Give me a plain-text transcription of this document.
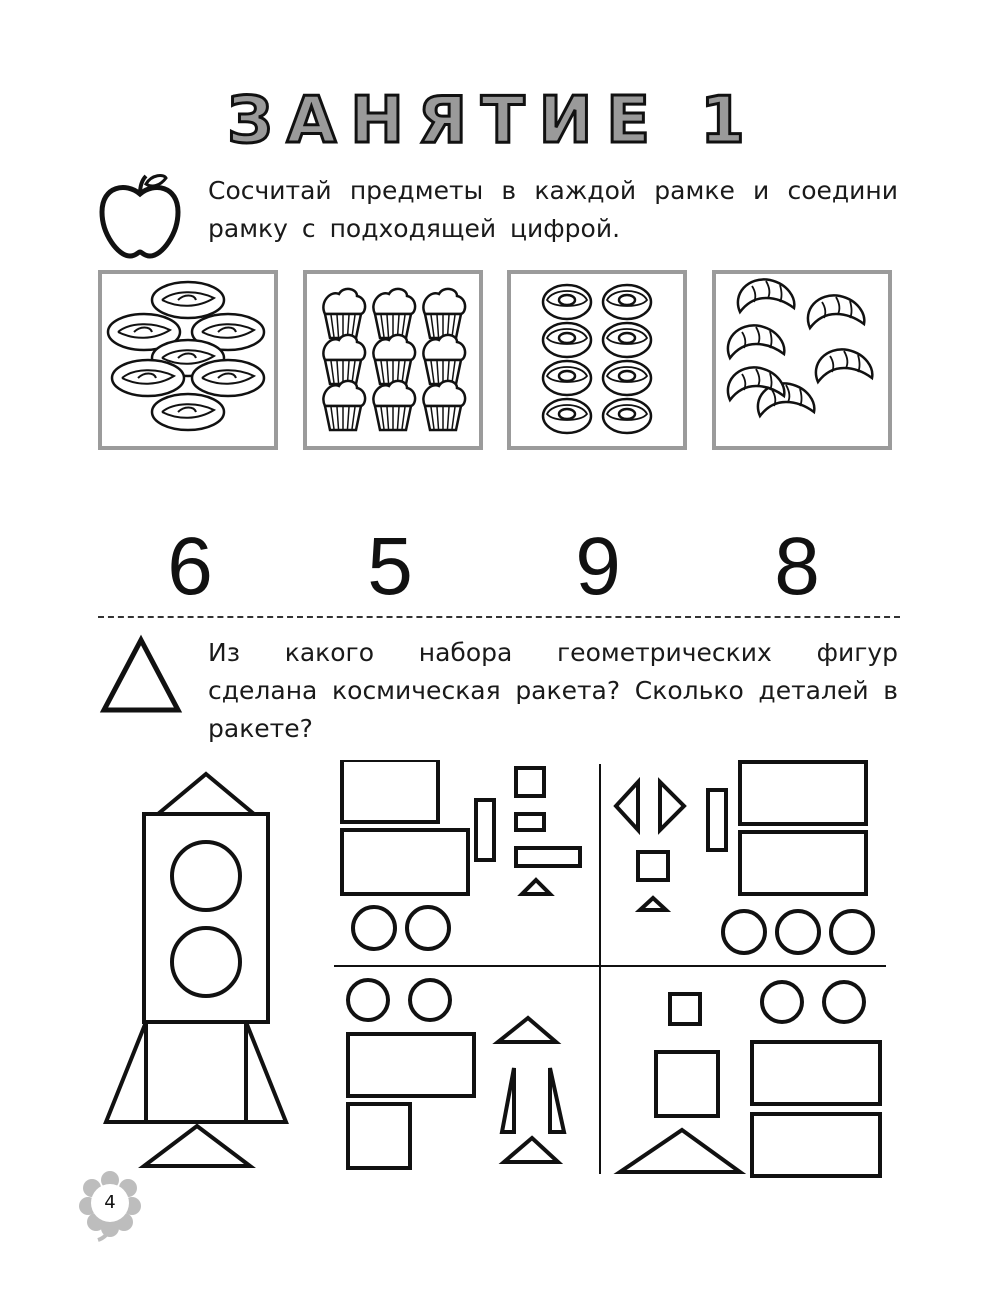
ЗАНЯТИЕ 1
Сосчитай предметы в каждой рамке и соедини рамку с подходящей цифрой.
6 5 9 8
Из какого набора геометрических фигур сделана космическая ракета? Сколько деталей в ракете?
4
